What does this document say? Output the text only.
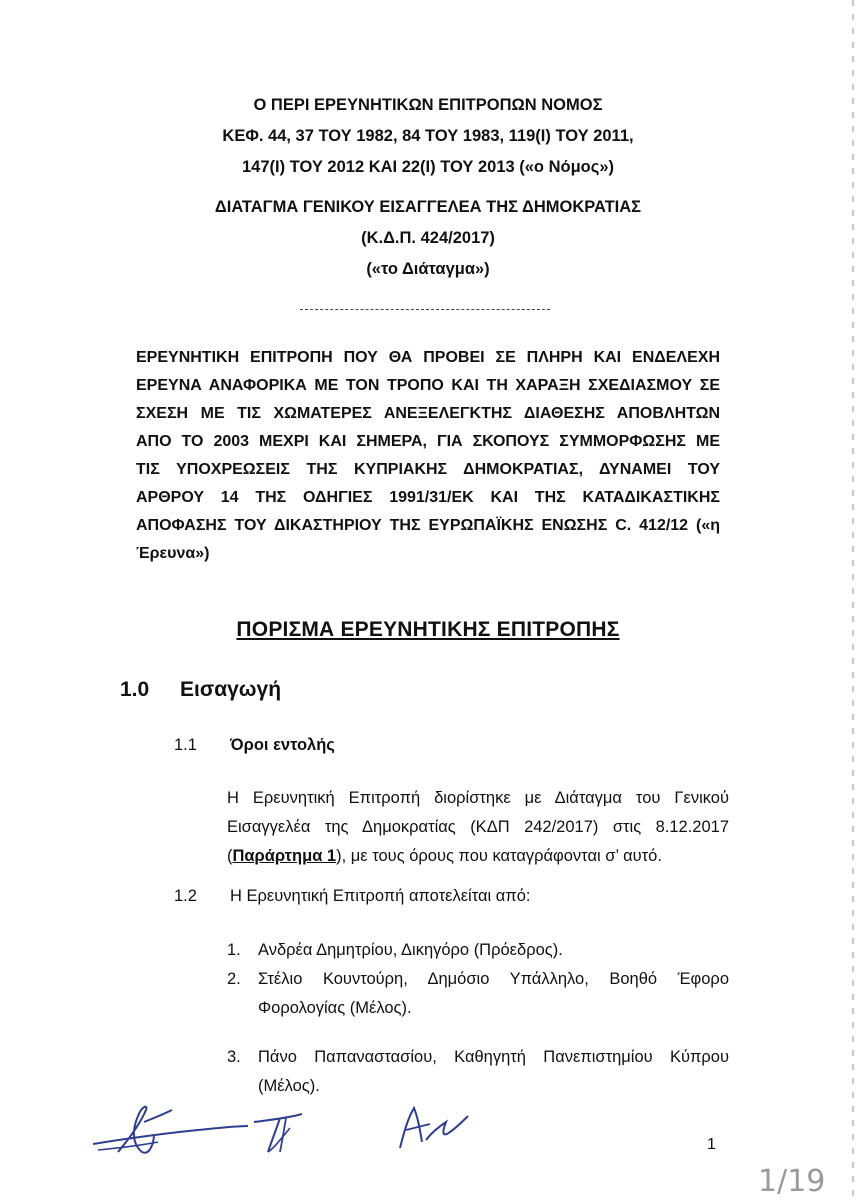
Ο ΠΕΡΙ ΕΡΕΥΝΗΤΙΚΩΝ ΕΠΙΤΡΟΠΩΝ ΝΟΜΟΣ
ΚΕΦ. 44, 37 ΤΟΥ 1982, 84 ΤΟΥ 1983, 119(Ι) ΤΟΥ 2011,
147(Ι) ΤΟΥ 2012 ΚΑΙ 22(Ι) ΤΟΥ 2013 («ο Νόμος»)
ΔΙΑΤΑΓΜΑ ΓΕΝΙΚΟΥ ΕΙΣΑΓΓΕΛΕΑ ΤΗΣ ΔΗΜΟΚΡΑΤΙΑΣ
(Κ.Δ.Π. 424/2017)
(«το Διάταγμα»)
ΕΡΕΥΝΗΤΙΚΗ ΕΠΙΤΡΟΠΗ ΠΟΥ ΘΑ ΠΡΟΒΕΙ ΣΕ ΠΛΗΡΗ ΚΑΙ ΕΝΔΕΛΕΧΗ
ΕΡΕΥΝΑ ΑΝΑΦΟΡΙΚΑ ΜΕ ΤΟΝ ΤΡΟΠΟ ΚΑΙ ΤΗ ΧΑΡΑΞΗ ΣΧΕΔΙΑΣΜΟΥ ΣΕ
ΣΧΕΣΗ ΜΕ ΤΙΣ ΧΩΜΑΤΕΡΕΣ ΑΝΕΞΕΛΕΓΚΤΗΣ ΔΙΑΘΕΣΗΣ ΑΠΟΒΛΗΤΩΝ
ΑΠΟ ΤΟ 2003 ΜΕΧΡΙ ΚΑΙ ΣΗΜΕΡΑ, ΓΙΑ ΣΚΟΠΟΥΣ ΣΥΜΜΟΡΦΩΣΗΣ ΜΕ
ΤΙΣ ΥΠΟΧΡΕΩΣΕΙΣ ΤΗΣ ΚΥΠΡΙΑΚΗΣ ΔΗΜΟΚΡΑΤΙΑΣ, ΔΥΝΑΜΕΙ ΤΟΥ
ΑΡΘΡΟΥ 14 ΤΗΣ ΟΔΗΓΙΕΣ 1991/31/ΕΚ ΚΑΙ ΤΗΣ ΚΑΤΑΔΙΚΑΣΤΙΚΗΣ
ΑΠΟΦΑΣΗΣ ΤΟΥ ΔΙΚΑΣΤΗΡΙΟΥ ΤΗΣ ΕΥΡΩΠΑΪΚΗΣ ΕΝΩΣΗΣ C. 412/12 («η
Έρευνα»)
ΠΟΡΙΣΜΑ ΕΡΕΥΝΗΤΙΚΗΣ ΕΠΙΤΡΟΠΗΣ
1.0 Εισαγωγή
1.1 Όροι εντολής
Η Ερευνητική Επιτροπή διορίστηκε με Διάταγμα του Γενικού
Εισαγγελέα της Δημοκρατίας (ΚΔΠ 242/2017) στις 8.12.2017
(Παράρτημα 1), με τους όρους που καταγράφονται σ’ αυτό.
1.2 Η Ερευνητική Επιτροπή αποτελείται από:
1. Ανδρέα Δημητρίου, Δικηγόρο (Πρόεδρος).
2. Στέλιο Κουντούρη, Δημόσιο Υπάλληλο, Βοηθό Έφορο
Φορολογίας (Μέλος).
3. Πάνο Παπαναστασίου, Καθηγητή Πανεπιστημίου Κύπρου
(Μέλος).
1
1/19
